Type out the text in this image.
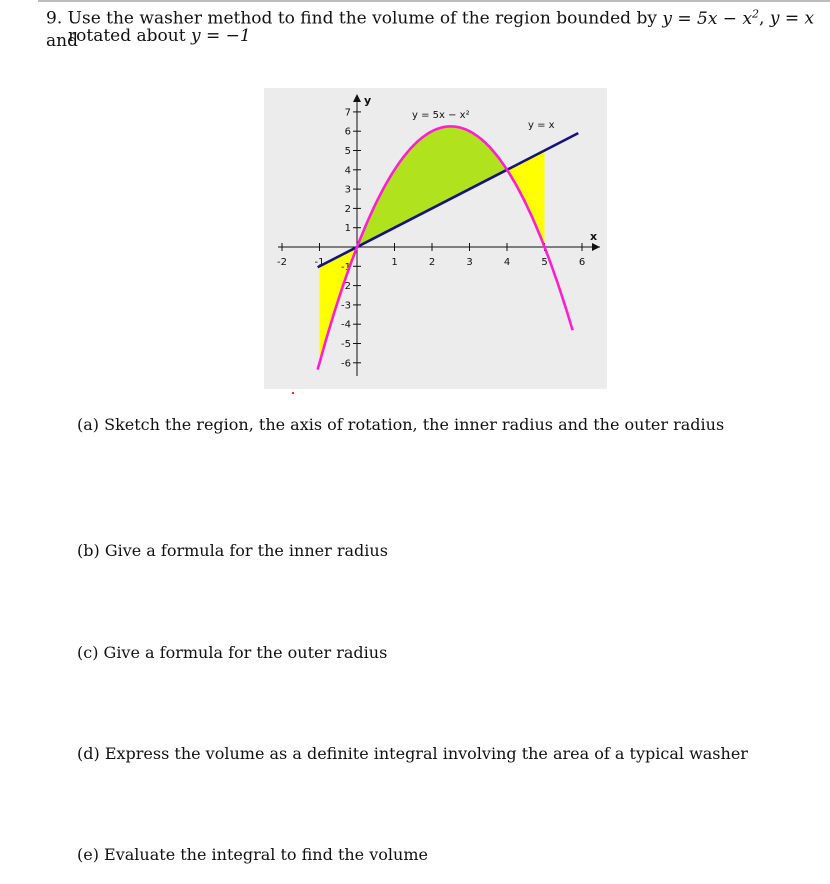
9. Use the washer method to find the volume of the region bounded by $y = 5x - x^2$, y = x and
rotated about y = −1
x
y
-2	-1	1	2	3	4	5	6
7
6
5
4
3
2
1
-1
-2
-3
-4
-5
-6
y = 5x − x²
y = x
(a) Sketch the region, the axis of rotation, the inner radius and the outer radius
(b) Give a formula for the inner radius
(c) Give a formula for the outer radius
(d) Express the volume as a definite integral involving the area of a typical washer
(e) Evaluate the integral to find the volume
